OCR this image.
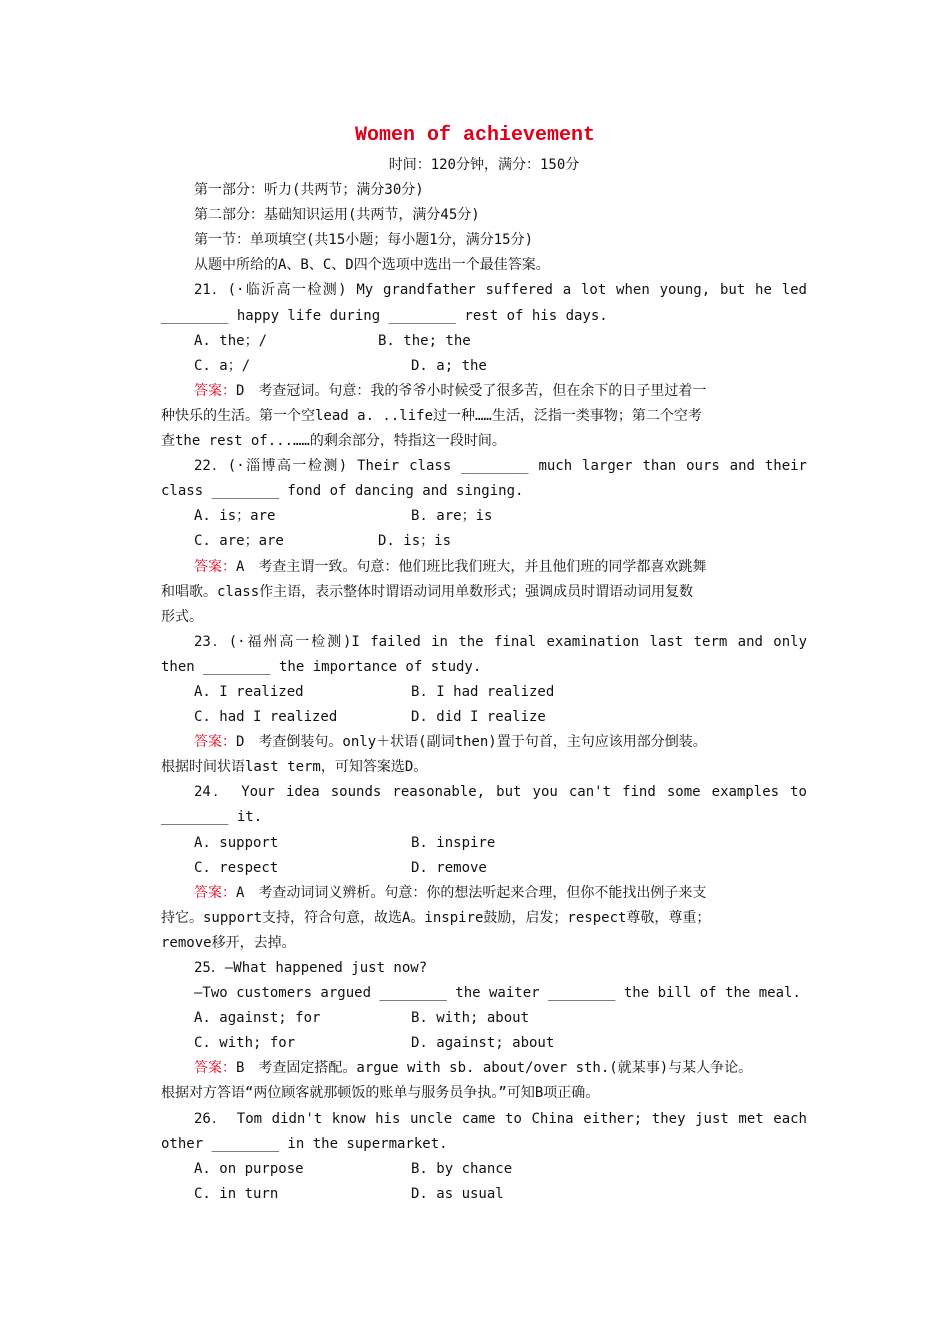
Women of achievement
时间：120分钟，满分：150分
第一部分：听力(共两节；满分30分)
第二部分：基础知识运用(共两节，满分45分)
第一节：单项填空(共15小题；每小题1分，满分15分)
从题中所给的A、B、C、D四个选项中选出一个最佳答案。
21．(·临沂高一检测) My grandfather suffered a lot when young, but he led
________ happy life during ________ rest of his days.
A. the；/	B. the; the
C. a；/	D. a; the
答案：D　考查冠词。句意：我的爷爷小时候受了很多苦，但在余下的日子里过着一
种快乐的生活。第一个空lead a. ..life过一种……生活，泛指一类事物；第二个空考
查the rest of...……的剩余部分，特指这一段时间。
22．(·淄博高一检测) Their class ________ much larger than ours and their
class ________ fond of dancing and singing.
A. is；are	B. are；is
C. are；are	D. is；is
答案：A　考查主谓一致。句意：他们班比我们班大，并且他们班的同学都喜欢跳舞
和唱歌。class作主语，表示整体时谓语动词用单数形式；强调成员时谓语动词用复数
形式。
23．(·福州高一检测)I failed in the final examination last term and only
then ________ the importance of study.
A. I realized	B. I had realized
C. had I realized	D. did I realize
答案：D　考查倒装句。only＋状语(副词then)置于句首，主句应该用部分倒装。
根据时间状语last term，可知答案选D。
24． Your idea sounds reasonable, but you can't find some examples to
________ it.
A. support	B. inspire
C. respect	D. remove
答案：A　考查动词词义辨析。句意：你的想法听起来合理，但你不能找出例子来支
持它。support支持，符合句意，故选A。inspire鼓励，启发；respect尊敬，尊重；
remove移开，去掉。
25．—What happened just now?
—Two customers argued ________ the waiter ________ the bill of the meal.
A. against; for	B. with; about
C. with; for	D. against; about
答案：B　考查固定搭配。argue with sb. about/over sth.(就某事)与某人争论。
根据对方答语“两位顾客就那顿饭的账单与服务员争执。”可知B项正确。
26． Tom didn't know his uncle came to China either; they just met each
other ________ in the supermarket.
A. on purpose	B. by chance
C. in turn	D. as usual
